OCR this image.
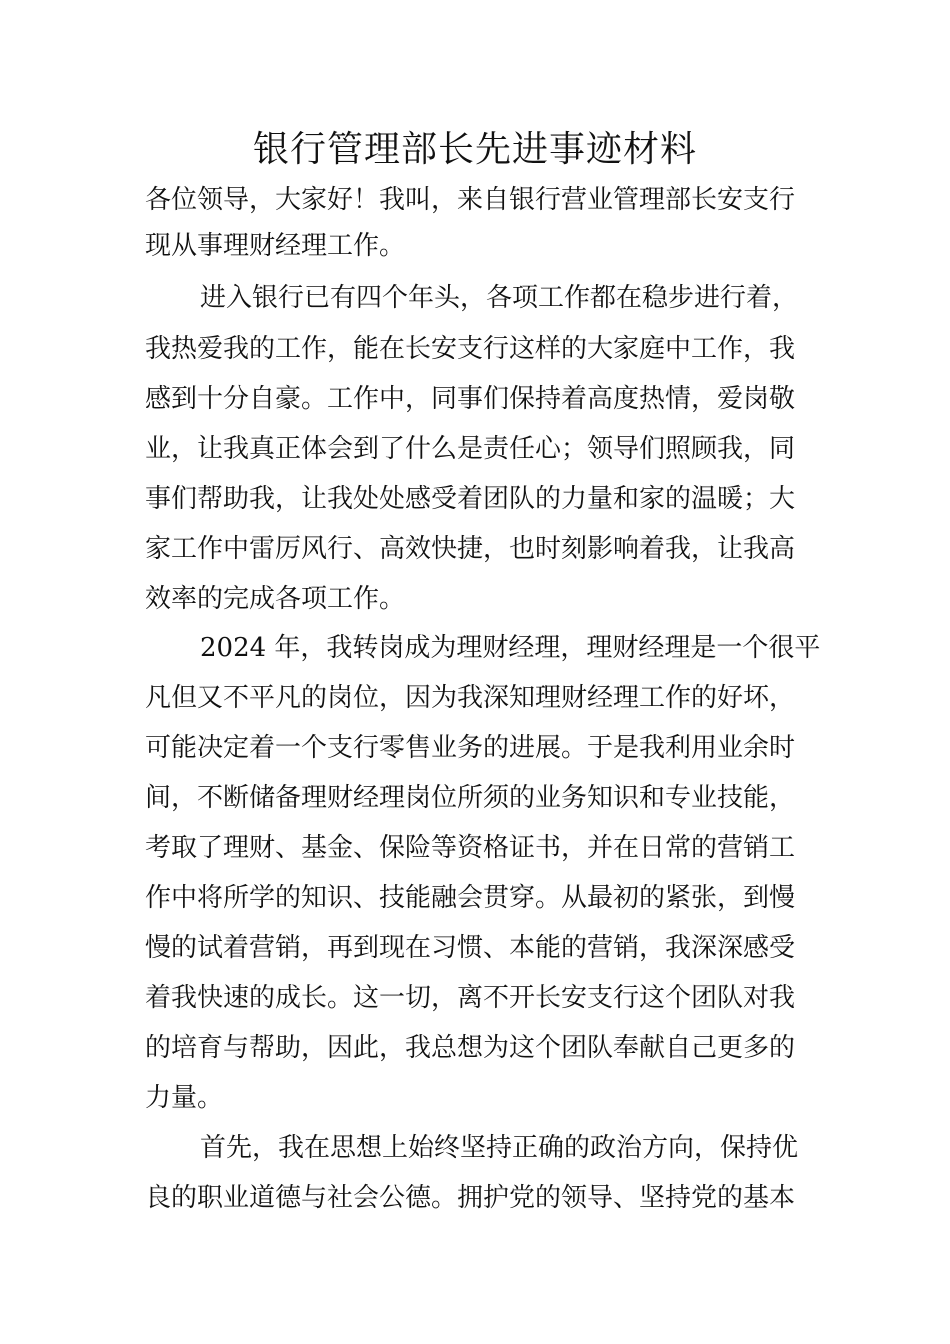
银行管理部长先进事迹材料

各位领导，大家好！我叫，来自银行营业管理部长安支行

现从事理财经理工作。

进入银行已有四个年头，各项工作都在稳步进行着，

我热爱我的工作，能在长安支行这样的大家庭中工作，我

感到十分自豪。工作中，同事们保持着高度热情，爱岗敬

业，让我真正体会到了什么是责任心；领导们照顾我，同

事们帮助我，让我处处感受着团队的力量和家的温暖；大

家工作中雷厉风行、高效快捷，也时刻影响着我，让我高

效率的完成各项工作。

2024 年，我转岗成为理财经理，理财经理是一个很平

凡但又不平凡的岗位，因为我深知理财经理工作的好坏，

可能决定着一个支行零售业务的进展。于是我利用业余时

间，不断储备理财经理岗位所须的业务知识和专业技能，

考取了理财、基金、保险等资格证书，并在日常的营销工

作中将所学的知识、技能融会贯穿。从最初的紧张，到慢

慢的试着营销，再到现在习惯、本能的营销，我深深感受

着我快速的成长。这一切，离不开长安支行这个团队对我

的培育与帮助，因此，我总想为这个团队奉献自己更多的

力量。

首先，我在思想上始终坚持正确的政治方向，保持优

良的职业道德与社会公德。拥护党的领导、坚持党的基本
